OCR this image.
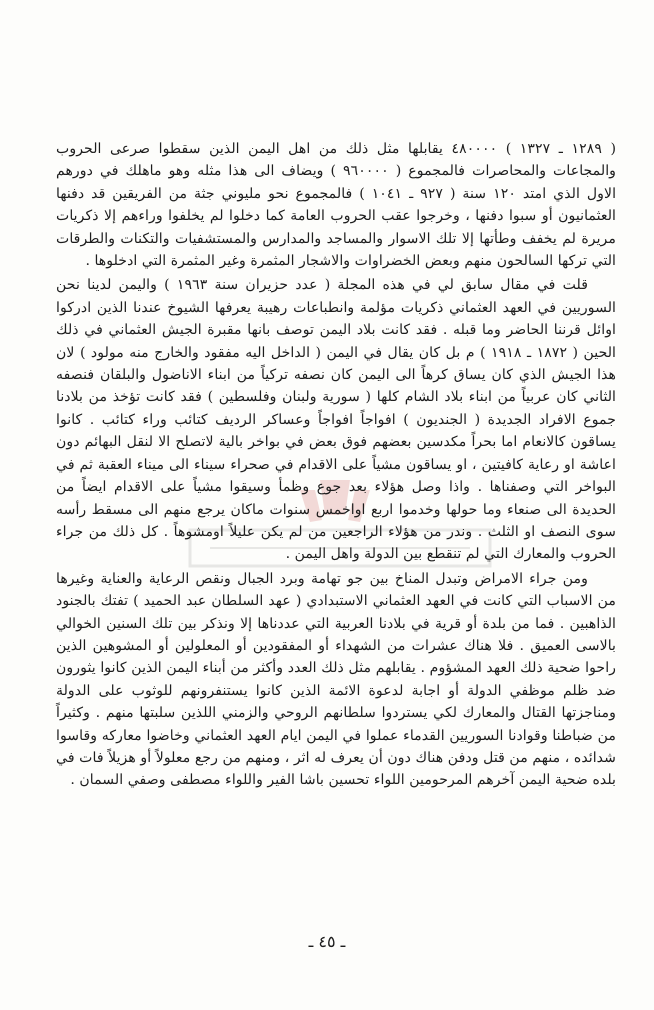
( ١٢٨٩ ـ ١٣٢٧ ) ٤٨٠٠٠٠ يقابلها مثل ذلك من اهل اليمن الذين سقطوا صرعى الحروب والمجاعات والمحاصرات فالمجموع ( ٩٦٠٠٠٠ ) ويضاف الى هذا مثله وهو ماهلك في دورهم الاول الذي امتد ١٢٠ سنة ( ٩٢٧ ـ ١٠٤١ ) فالمجموع نحو مليوني جثة من الفريقين قد دفنها العثمانيون أو سبوا دفنها ، وخرجوا عقب الحروب العامة كما دخلوا لم يخلفوا وراءهم إلا ذكريات مريرة لم يخفف وطأتها إلا تلك الاسوار والمساجد والمدارس والمستشفيات والتكنات والطرقات التي تركها السالحون منهم وبعض الخضراوات والاشجار المثمرة وغير المثمرة التي ادخلوها .

قلت في مقال سابق لي في هذه المجلة ( عدد حزيران سنة ١٩٦٣ ) واليمن لدينا نحن السوريين في العهد العثماني ذكريات مؤلمة وانطباعات رهيبة يعرفها الشيوخ عندنا الذين ادركوا اوائل قرننا الحاضر وما قبله . فقد كانت بلاد اليمن توصف بانها مقبرة الجيش العثماني في ذلك الحين ( ١٨٧٢ ـ ١٩١٨ ) م بل كان يقال في اليمن ( الداخل اليه مفقود والخارج منه مولود ) لان هذا الجيش الذي كان يساق كرهاً الى اليمن كان نصفه تركياً من ابناء الاناضول والبلقان فنصفه الثاني كان عربياً من ابناء بلاد الشام كلها ( سورية ولبنان وفلسطين ) فقد كانت تؤخذ من بلادنا جموع الافراد الجديدة ( الجنديون ) افواجاً افواجاً وعساكر الرديف كتائب وراء كتائب . كانوا يساقون كالانعام اما بحراً مكدسين بعضهم فوق بعض في بواخر بالية لاتصلح الا لنقل البهائم دون اعاشة او رعاية كافيتين ، او يساقون مشياً على الاقدام في صحراء سيناء الى ميناء العقبة ثم في البواخر التي وصفناها . واذا وصل هؤلاء بعد جوع وظمأ وسيقوا مشياً على الاقدام ايضاً من الحديدة الى صنعاء وما حولها وخدموا اربع اواخمس سنوات ماكان يرجع منهم الى مسقط رأسه سوى النصف او الثلث . وندر من هؤلاء الراجعين من لم يكن عليلاً اومشوهاً . كل ذلك من جراء الحروب والمعارك التي لم تنقطع بين الدولة واهل اليمن .

ومن جراء الامراض وتبدل المناخ بين جو تهامة وبرد الجبال ونقص الرعاية والعناية وغيرها من الاسباب التي كانت في العهد العثماني الاستبدادي ( عهد السلطان عبد الحميد ) تفتك بالجنود الذاهبين . فما من بلدة أو قرية في بلادنا العربية التي عددناها إلا ونذكر بين تلك السنين الخوالي بالاسى العميق . فلا هناك عشرات من الشهداء أو المفقودين أو المعلولين أو المشوهين الذين راحوا ضحية ذلك العهد المشؤوم . يقابلهم مثل ذلك العدد وأكثر من أبناء اليمن الذين كانوا يثورون ضد ظلم موظفي الدولة أو اجابة لدعوة الائمة الذين كانوا يستنفرونهم للوثوب على الدولة ومناجزتها القتال والمعارك لكي يستردوا سلطانهم الروحي والزمني اللذين سلبتها منهم . وكثيراً من ضباطنا وقوادنا السوريين القدماء عملوا في اليمن ايام العهد العثماني وخاضوا معاركه وقاسوا شدائده ، منهم من قتل ودفن هناك دون أن يعرف له اثر ، ومنهم من رجع معلولاً أو هزيلاً فات في بلده ضحية اليمن آخرهم المرحومين اللواء تحسين باشا الفير واللواء مصطفى وصفي السمان .

ـ ٤٥ ـ
